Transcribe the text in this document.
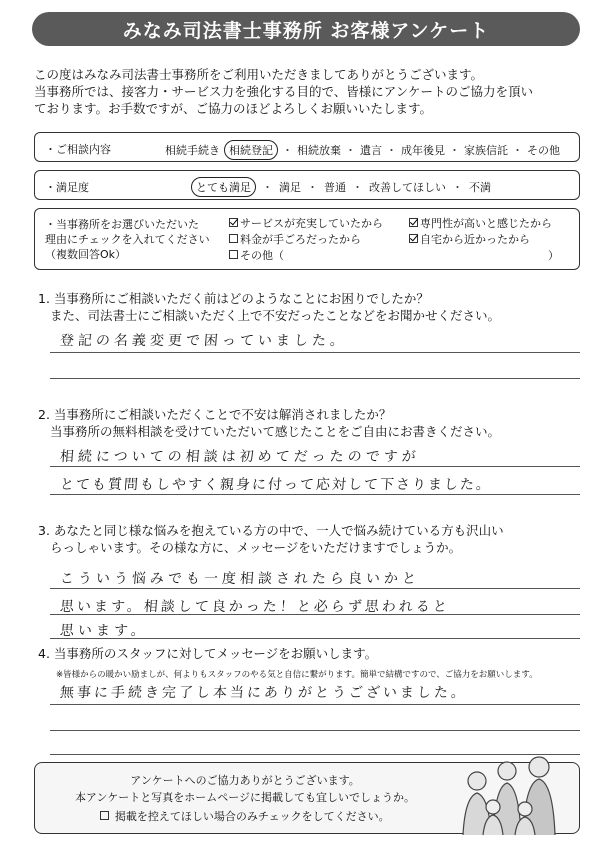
みなみ司法書士事務所 お客様アンケート
この度はみなみ司法書士事務所をご利用いただきましてありがとうございます。
当事務所では、接客力・サービス力を強化する目的で、皆様にアンケートのご協力を頂い
ております。お手数ですが、ご協力のほどよろしくお願いいたします。
・ご相談内容	相続手続き 相続登記 ・ 相続放棄 ・ 遺言 ・ 成年後見 ・ 家族信託 ・ その他
・満足度	とても満足	・ 満足 ・ 普通 ・ 改善してほしい ・ 不満
・当事務所をお選びいただいた
理由にチェックを入れてください
（複数回答Ok）
サービスが充実していたから	専門性が高いと感じたから
料金が手ごろだったから	自宅から近かったから
その他（	）
1. 当事務所にご相談いただく前はどのようなことにお困りでしたか？
また、司法書士にご相談いただく上で不安だったことなどをお聞かせください。
登記の名義変更で困っていました。
2. 当事務所にご相談いただくことで不安は解消されましたか？
当事務所の無料相談を受けていただいて感じたことをご自由にお書きください。
相続についての相談は初めてだったのですが
とても質問もしやすく親身に付って応対して下さりました。
3. あなたと同じ様な悩みを抱えている方の中で、一人で悩み続けている方も沢山い
らっしゃいます。その様な方に、メッセージをいただけますでしょうか。
こういう悩みでも一度相談されたら良いかと
思います。相談して良かった！と必らず思われると
思います。
4. 当事務所のスタッフに対してメッセージをお願いします。
※皆様からの暖かい励ましが、何よりもスタッフのやる気と自信に繋がります。簡単で結構ですので、ご協力をお願いします。
無事に手続き完了し本当にありがとうございました。
アンケートへのご協力ありがとうございます。
本アンケートと写真をホームページに掲載しても宜しいでしょうか。
掲載を控えてほしい場合のみチェックをしてください。
